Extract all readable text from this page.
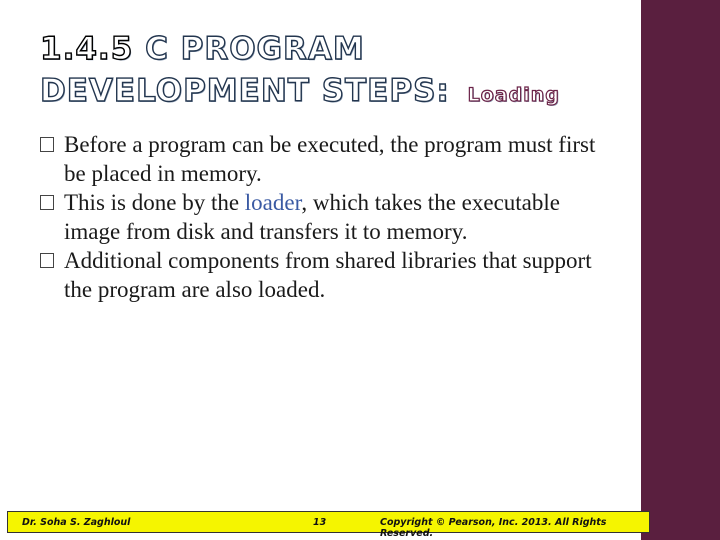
1.4.5 C PROGRAM
DEVELOPMENT STEPS: Loading
Before a program can be executed, the program must first be placed in memory.
This is done by the loader, which takes the executable image from disk and transfers it to memory.
Additional components from shared libraries that support the program are also loaded.
Dr. Soha S. Zaghloul	13	Copyright © Pearson, Inc. 2013. All Rights Reserved.
